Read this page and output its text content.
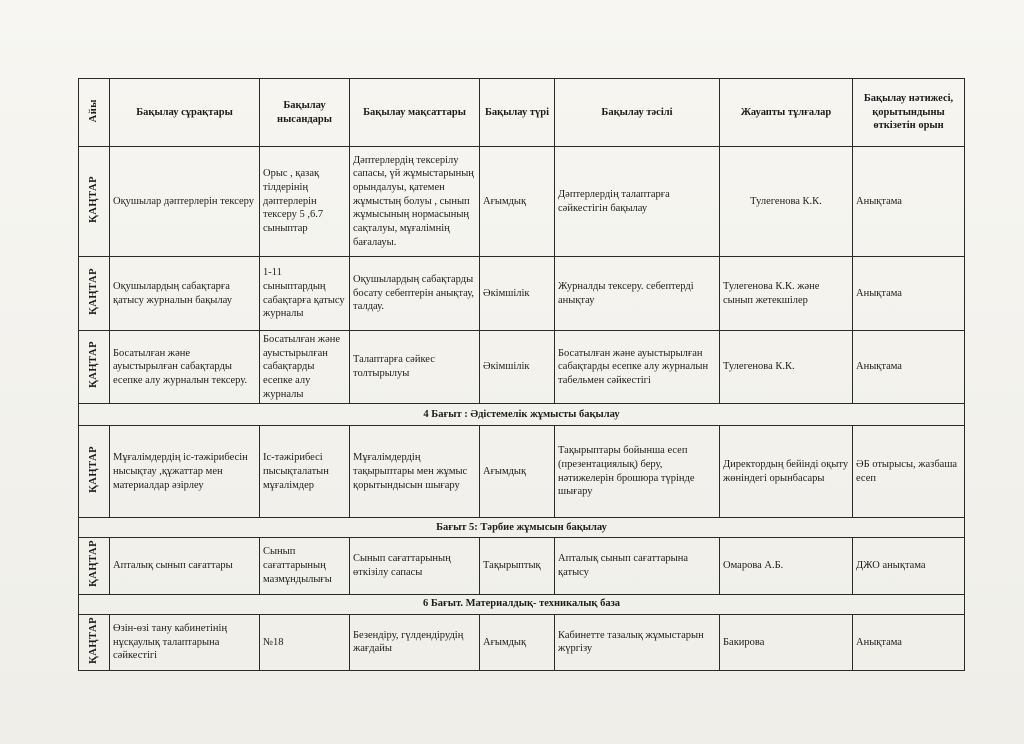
Айы	Бақылау сұрақтары	Бақылау нысандары	Бақылау мақсаттары	Бақылау түрі	Бақылау тәсілі	Жауапты тұлғалар	Бақылау нәтижесі, қорытындыны өткізетін орын
ҚАҢТАР	Оқушылар дәптерлерін тексеру	Орыс , қазақ тілдерінің дәптерлерін тексеру 5 ,6.7 сыныптар	Дәптерлердің тексерілу сапасы, үй жұмыстарының орындалуы, қатемен жұмыстың болуы , сынып жұмысының нормасының сақталуы, мұғалімнің бағалауы.	Ағымдық	Дәптерлердің талаптарға сәйкестігін бақылау	Тулегенова К.К.	Анықтама
ҚАҢТАР	Оқушылардың сабақтарға қатысу журналын бақылау	1-11 сыныптардың сабақтарға қатысу журналы	Оқушылардың сабақтарды босату себептерін анықтау, талдау.	Әкімшілік	Журналды тексеру. себептерді анықтау	Тулегенова К.К. және сынып жетекшілер	Анықтама
ҚАҢТАР	Босатылған және ауыстырылған сабақтарды есепке алу журналын тексеру.	Босатылған және ауыстырылған сабақтарды есепке алу журналы	Талаптарға сәйкес толтырылуы	Әкімшілік	Босатылған және ауыстырылған сабақтарды есепке алу журналын табельмен сәйкестігі	Тулегенова К.К.	Анықтама
4 Бағыт : Әдістемелік жұмысты бақылау							
ҚАҢТАР	Мұғалімдердің іс-тәжірибесін нысықтау ,құжаттар мен материалдар әзірлеу	Іс-тәжірибесі пысықталатын мұғалімдер	Мұғалімдердің тақырыптары мен жұмыс қорытындысын шығару	Ағымдық	Тақырыптары бойынша есеп (презентациялық) беру, нәтижелерін брошюра түрінде шығару	Директордың бейінді оқыту жөніндегі орынбасары	ӘБ отырысы, жазбаша есеп
Бағыт 5: Тәрбие жұмысын бақылау							
ҚАҢТАР	Апталық сынып сағаттары	Сынып сағаттарының мазмұндылығы	Сынып сағаттарының өткізілу сапасы	Тақырыптық	Апталық сынып сағаттарына қатысу	Омарова А.Б.	ДЖО анықтама
6 Бағыт. Материалдық- техникалық база							
ҚАҢТАР	Өзін-өзі тану кабинетінің нұсқаулық талаптарына сәйкестігі	№18	Безендіру, гүлдендірудің жағдайы	Ағымдық	Кабинетте тазалық жұмыстарын жүргізу	Бакирова	Анықтама
